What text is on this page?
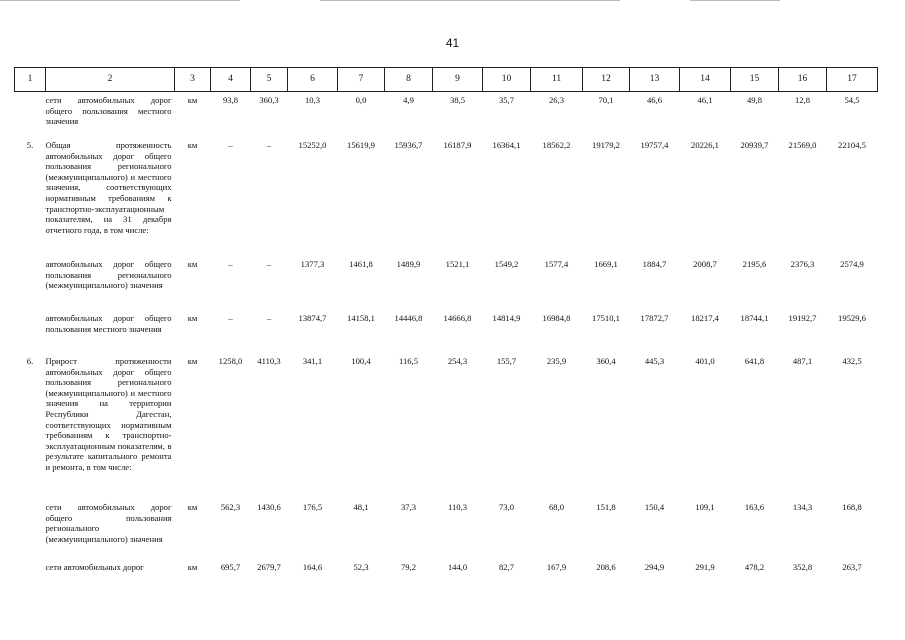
41
1	2	3	4	5	6	7	8	9	10	11	12	13	14	15	16	17
	сети автомобильных дорог общего пользования местного значения	км	93,8	360,3	10,3	0,0	4,9	38,5	35,7	26,3	70,1	46,6	46,1	49,8	12,8	54,5
5.	Общая протяженность автомобильных дорог общего пользования регионального (межмуниципального) и местного значения, соответствующих нормативным требованиям к транспортно-эксплуатационным показателям, на 31 декабря отчетного года, в том числе:	км	–	–	15252,0	15619,9	15936,7	16187,9	16364,1	18562,2	19179,2	19757,4	20226,1	20939,7	21569,0	22104,5
	автомобильных дорог общего пользования регионального (межмуниципального) значения	км	–	–	1377,3	1461,8	1489,9	1521,1	1549,2	1577,4	1669,1	1884,7	2008,7	2195,6	2376,3	2574,9
	автомобильных дорог общего пользования местного значения	км	–	–	13874,7	14158,1	14446,8	14666,8	14814,9	16984,8	17510,1	17872,7	18217,4	18744,1	19192,7	19529,6
6.	Прирост протяженности автомобильных дорог общего пользования регионального (межмуниципального) и местного значения на территории Республики Дагестан, соответствующих нормативным требованиям к транспортно-эксплуатационным показателям, в результате капитального ремонта и ремонта, в том числе:	км	1258,0	4110,3	341,1	100,4	116,5	254,3	155,7	235,9	360,4	445,3	401,0	641,8	487,1	432,5
	сети автомобильных дорог общего пользования регионального (межмуниципального) значения	км	562,3	1430,6	176,5	48,1	37,3	110,3	73,0	68,0	151,8	150,4	109,1	163,6	134,3	168,8
	сети автомобильных дорог	км	695,7	2679,7	164,6	52,3	79,2	144,0	82,7	167,9	208,6	294,9	291,9	478,2	352,8	263,7
